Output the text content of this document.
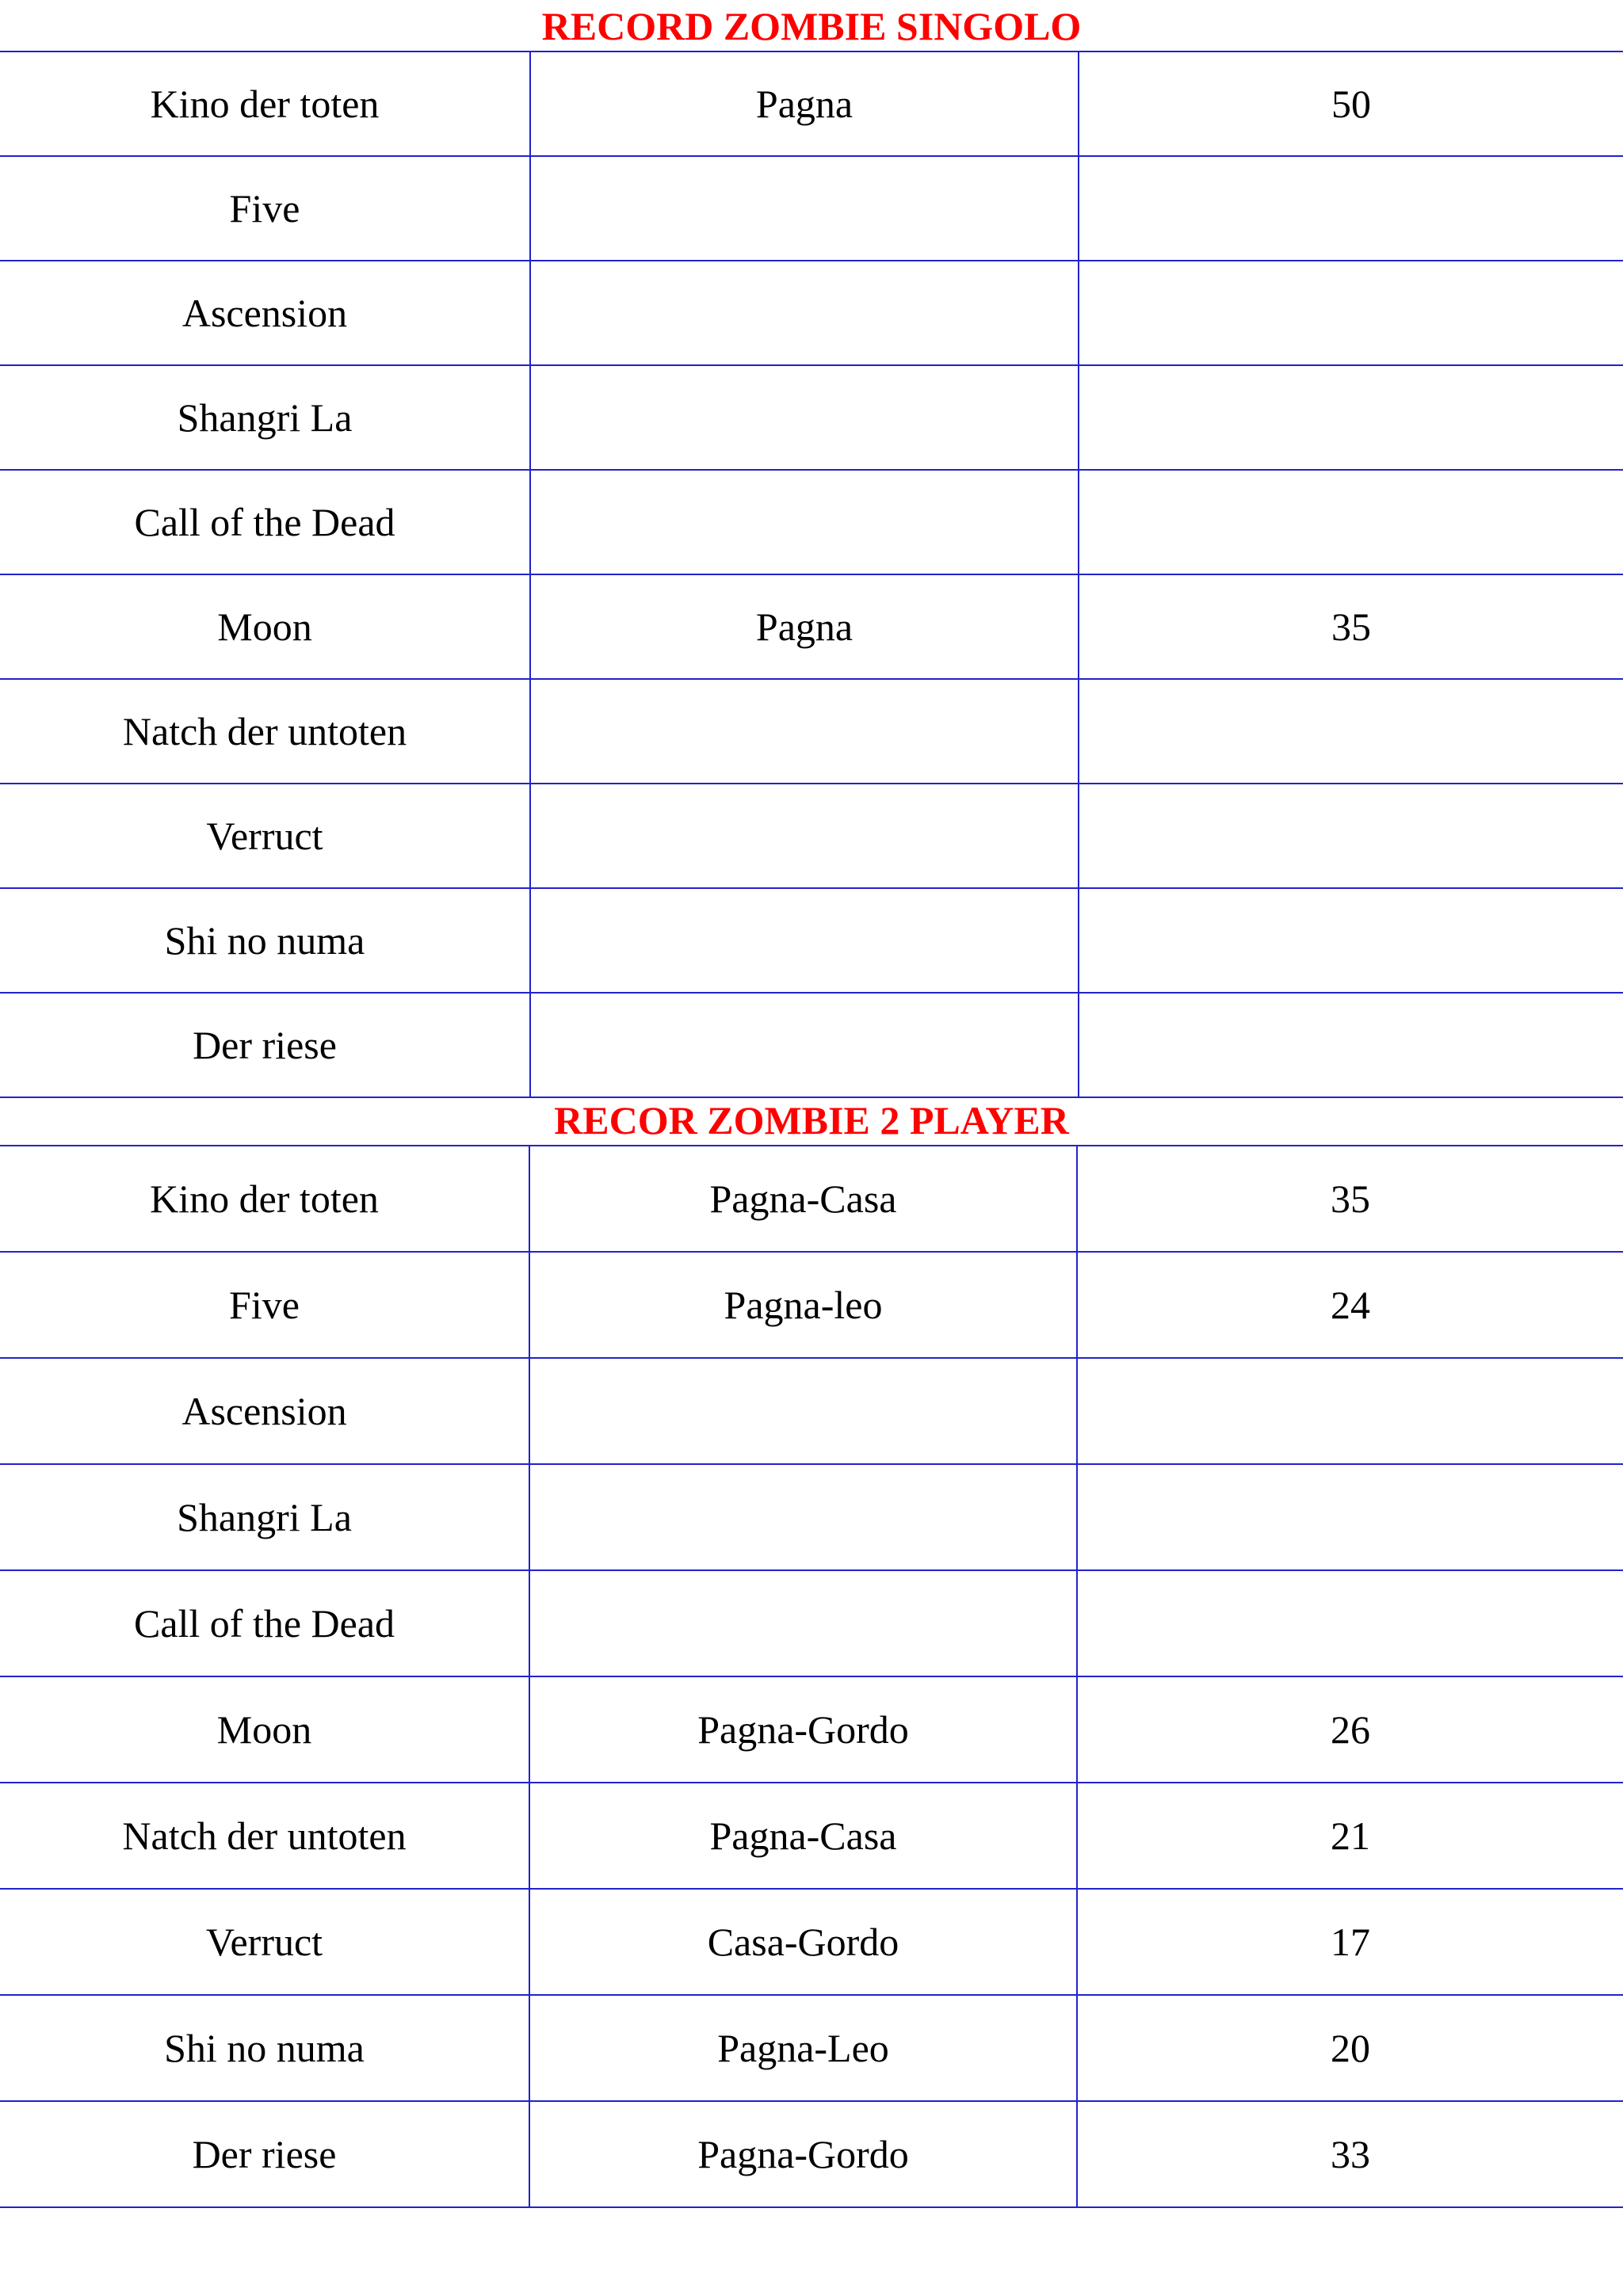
RECORD ZOMBIE SINGOLO
Kino der toten	Pagna	50
Five		
Ascension		
Shangri La		
Call of the Dead		
Moon	Pagna	35
Natch der untoten		
Verruct		
Shi no numa		
Der riese		
RECOR ZOMBIE 2 PLAYER
Kino der toten	Pagna-Casa	35
Five	Pagna-leo	24
Ascension		
Shangri La		
Call of the Dead		
Moon	Pagna-Gordo	26
Natch der untoten	Pagna-Casa	21
Verruct	Casa-Gordo	17
Shi no numa	Pagna-Leo	20
Der riese	Pagna-Gordo	33
